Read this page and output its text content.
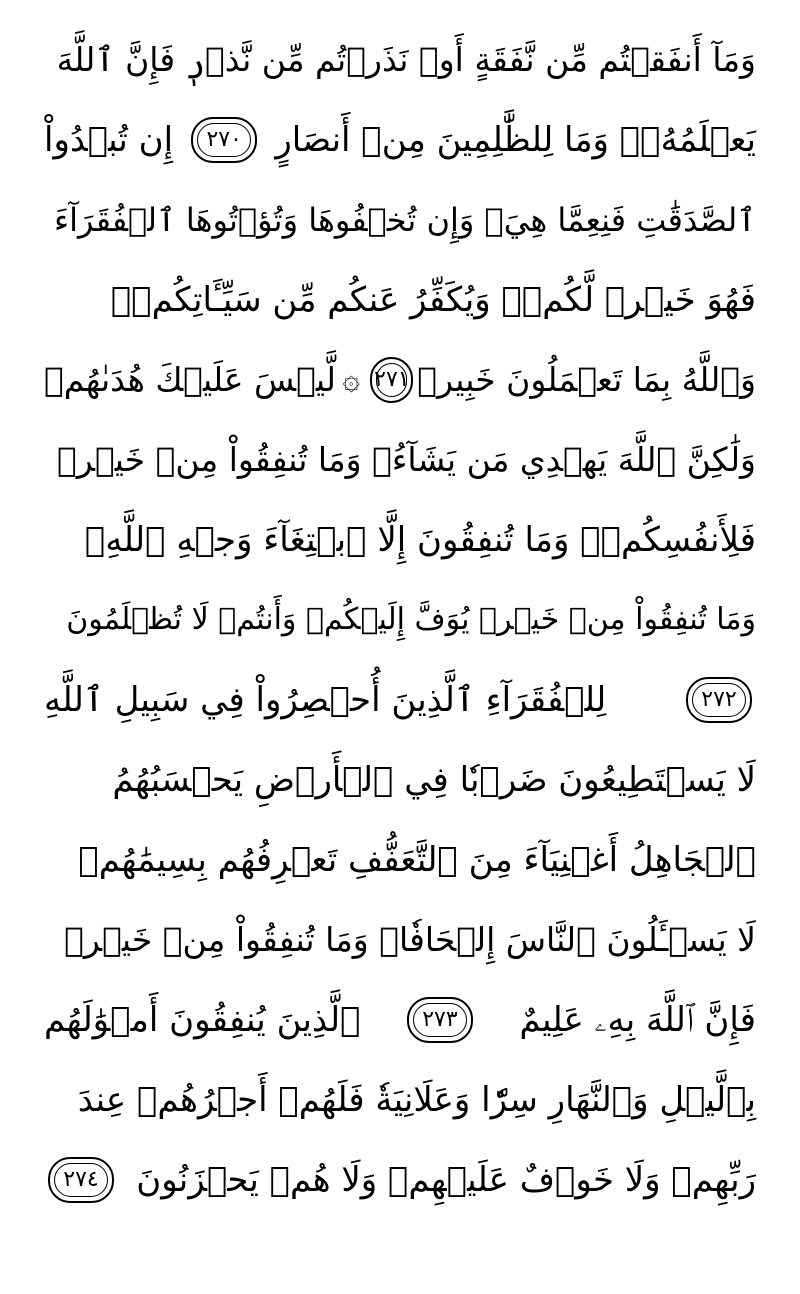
وَمَآ أَنفَقۡتُم مِّن نَّفَقَةٍ أَوۡ نَذَرۡتُم مِّن نَّذۡرٖ فَإِنَّ ٱللَّهَ
يَعۡلَمُهُۥۗ وَمَا لِلظَّٰلِمِينَ مِنۡ أَنصَارٍ
٢٧٠
إِن تُبۡدُواْ
ٱلصَّدَقَٰتِ فَنِعِمَّا هِيَۖ وَإِن تُخۡفُوهَا وَتُؤۡتُوهَا ٱلۡفُقَرَآءَ
فَهُوَ خَيۡرٞ لَّكُمۡۚ وَيُكَفِّرُ عَنكُم مِّن سَيِّـَٔاتِكُمۡۗ
وَٱللَّهُ بِمَا تَعۡمَلُونَ خَبِيرٞ
٢٧١
۞
لَّيۡسَ عَلَيۡكَ هُدَىٰهُمۡ
وَلَٰكِنَّ ٱللَّهَ يَهۡدِي مَن يَشَآءُۗ وَمَا تُنفِقُواْ مِنۡ خَيۡرٖ
فَلِأَنفُسِكُمۡۚ وَمَا تُنفِقُونَ إِلَّا ٱبۡتِغَآءَ وَجۡهِ ٱللَّهِۚ
وَمَا تُنفِقُواْ مِنۡ خَيۡرٖ يُوَفَّ إِلَيۡكُمۡ وَأَنتُمۡ لَا تُظۡلَمُونَ
٢٧٢
لِلۡفُقَرَآءِ ٱلَّذِينَ أُحۡصِرُواْ فِي سَبِيلِ ٱللَّهِ
لَا يَسۡتَطِيعُونَ ضَرۡبٗا فِي ٱلۡأَرۡضِ يَحۡسَبُهُمُ
ٱلۡجَاهِلُ أَغۡنِيَآءَ مِنَ ٱلتَّعَفُّفِ تَعۡرِفُهُم بِسِيمَٰهُمۡ
لَا يَسۡـَٔلُونَ ٱلنَّاسَ إِلۡحَافٗاۗ وَمَا تُنفِقُواْ مِنۡ خَيۡرٖ
فَإِنَّ ٱللَّهَ بِهِۦ عَلِيمٌ
٢٧٣
ٱلَّذِينَ يُنفِقُونَ أَمۡوَٰلَهُم
بِٱلَّيۡلِ وَٱلنَّهَارِ سِرّٗا وَعَلَانِيَةٗ فَلَهُمۡ أَجۡرُهُمۡ عِندَ
رَبِّهِمۡ وَلَا خَوۡفٌ عَلَيۡهِمۡ وَلَا هُمۡ يَحۡزَنُونَ
٢٧٤
